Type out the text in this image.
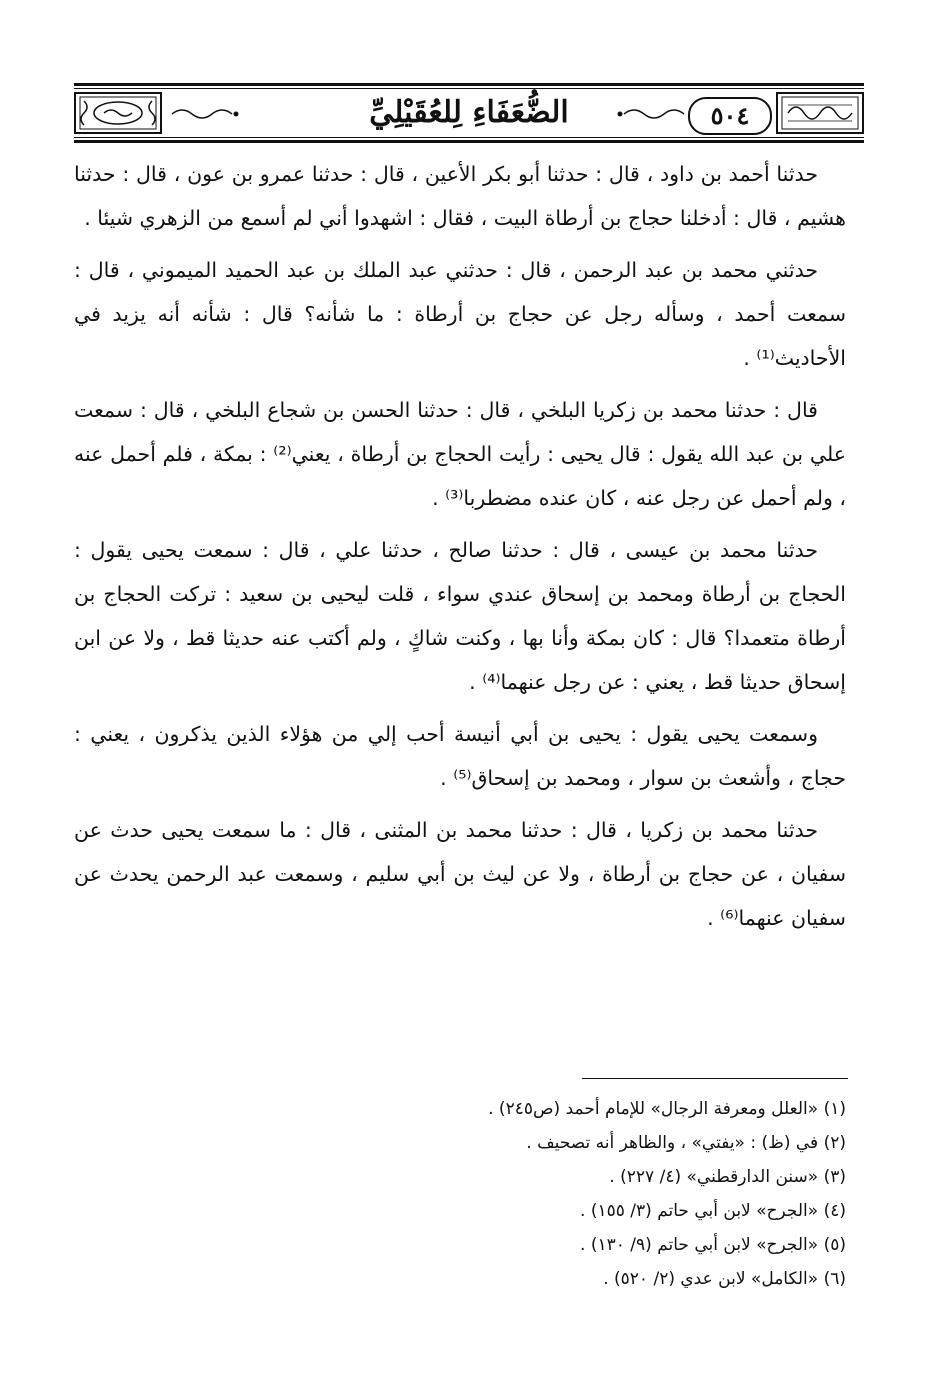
الضُّعَفَاءِ لِلعُقَيْلِيِّ	٥٠٤

حدثنا أحمد بن داود ، قال : حدثنا أبو بكر الأعين ، قال : حدثنا عمرو بن عون ، قال : حدثنا هشيم ، قال : أدخلنا حجاج بن أرطاة البيت ، فقال : اشهدوا أني لم أسمع من الزهري شيئا .

حدثني محمد بن عبد الرحمن ، قال : حدثني عبد الملك بن عبد الحميد الميموني ، قال : سمعت أحمد ، وسأله رجل عن حجاج بن أرطاة : ما شأنه؟ قال : شأنه أنه يزيد في الأحاديث⁽¹⁾ .

قال : حدثنا محمد بن زكريا البلخي ، قال : حدثنا الحسن بن شجاع البلخي ، قال : سمعت علي بن عبد الله يقول : قال يحيى : رأيت الحجاج بن أرطاة ، يعني⁽²⁾ : بمكة ، فلم أحمل عنه ، ولم أحمل عن رجل عنه ، كان عنده مضطربا⁽³⁾ .

حدثنا محمد بن عيسى ، قال : حدثنا صالح ، حدثنا علي ، قال : سمعت يحيى يقول : الحجاج بن أرطاة ومحمد بن إسحاق عندي سواء ، قلت ليحيى بن سعيد : تركت الحجاج بن أرطاة متعمدا؟ قال : كان بمكة وأنا بها ، وكنت شاكٍ ، ولم أكتب عنه حديثا قط ، ولا عن ابن إسحاق حديثا قط ، يعني : عن رجل عنهما⁽⁴⁾ .

وسمعت يحيى يقول : يحيى بن أبي أنيسة أحب إلي من هؤلاء الذين يذكرون ، يعني : حجاج ، وأشعث بن سوار ، ومحمد بن إسحاق⁽⁵⁾ .

حدثنا محمد بن زكريا ، قال : حدثنا محمد بن المثنى ، قال : ما سمعت يحيى حدث عن سفيان ، عن حجاج بن أرطاة ، ولا عن ليث بن أبي سليم ، وسمعت عبد الرحمن يحدث عن سفيان عنهما⁽⁶⁾ .

(١) «العلل ومعرفة الرجال» للإمام أحمد (ص٢٤٥) .

(٢) في (ظ) : «يفتي» ، والظاهر أنه تصحيف .

(٣) «سنن الدارقطني» (٤/ ٢٢٧) .

(٤) «الجرح» لابن أبي حاتم (٣/ ١٥٥) .

(٥) «الجرح» لابن أبي حاتم (٩/ ١٣٠) .

(٦) «الكامل» لابن عدي (٢/ ٥٢٠) .
